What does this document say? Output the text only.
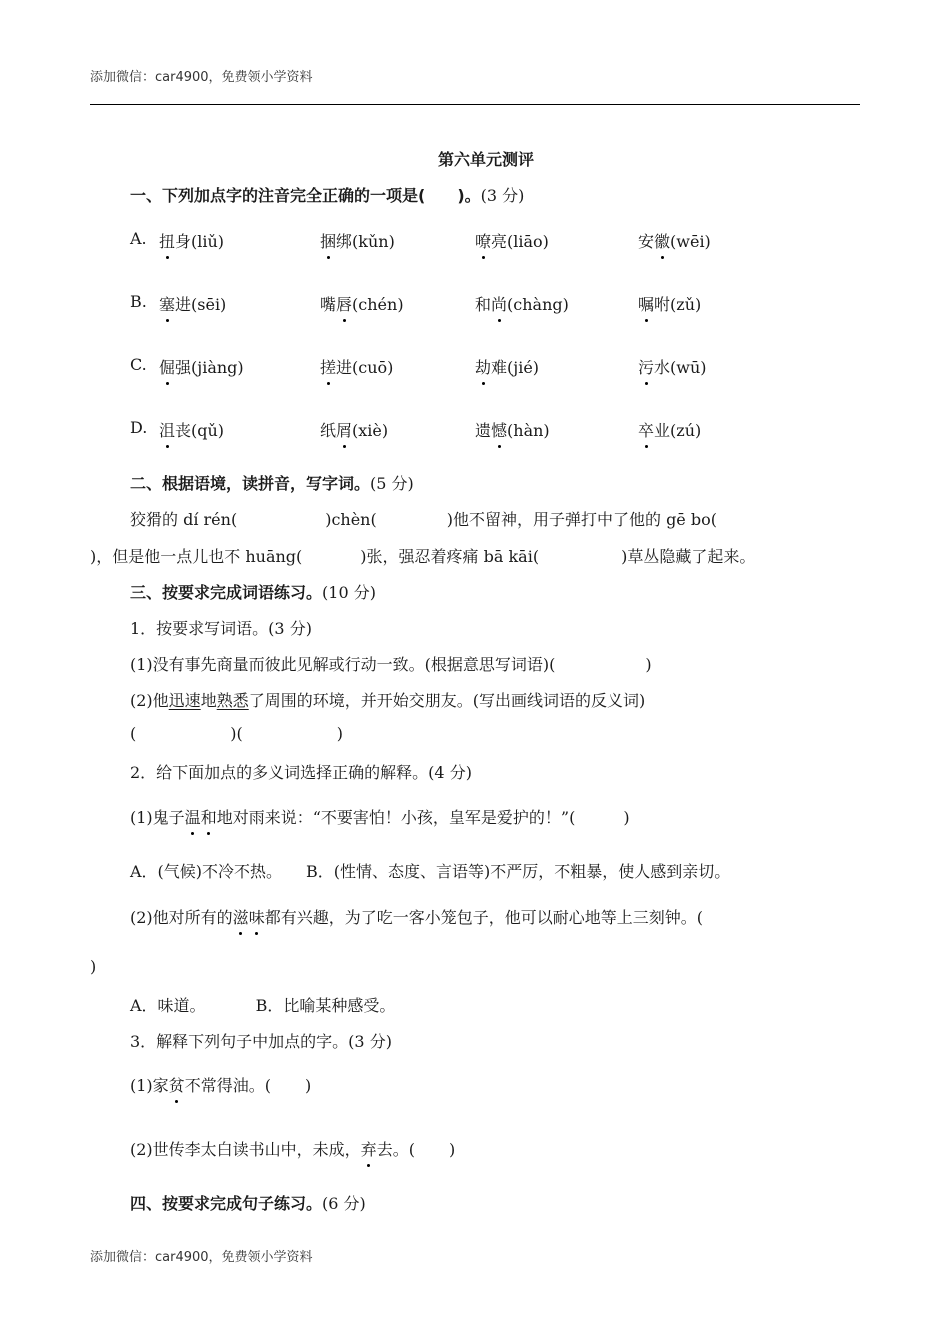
添加微信：car4900，免费领小学资料
第六单元测评
一、下列加点字的注音完全正确的一项是(　　)。(3 分)
A. 扭身(liǔ)	捆绑(kǔn)	嘹亮(liāo)	安徽(wēi)
B. 塞进(sēi)	嘴唇(chén)	和尚(chàng)	嘱咐(zǔ)
C. 倔强(jiàng)	搓进(cuō)	劫难(jié)	污水(wū)
D. 沮丧(qǔ)	纸屑(xiè)	遗憾(hàn)	卒业(zú)
二、根据语境，读拼音，写字词。(5 分)
狡猾的 dí rén(	)chèn(	)他不留神，用子弹打中了他的 gē bo(
)，但是他一点儿也不 huāng(	)张，强忍着疼痛 bā kāi(	)草丛隐藏了起来。
三、按要求完成词语练习。(10 分)
1．按要求写词语。(3 分)
(1)没有事先商量而彼此见解或行动一致。(根据意思写词语)(	)
(2)他迅速地熟悉了周围的环境，并开始交朋友。(写出画线词语的反义词)
(	)(	)
2．给下面加点的多义词选择正确的解释。(4 分)
(1)鬼子温和地对雨来说：“不要害怕！小孩，皇军是爱护的！”(	)
A．(气候)不冷不热。 B．(性情、态度、言语等)不严厉，不粗暴，使人感到亲切。
(2)他对所有的滋味都有兴趣，为了吃一客小笼包子，他可以耐心地等上三刻钟。(
)
A．味道。	B．比喻某种感受。
3．解释下列句子中加点的字。(3 分)
(1)家贫不常得油。( )
(2)世传李太白读书山中，未成，弃去。( )
四、按要求完成句子练习。(6 分)
添加微信：car4900，免费领小学资料
